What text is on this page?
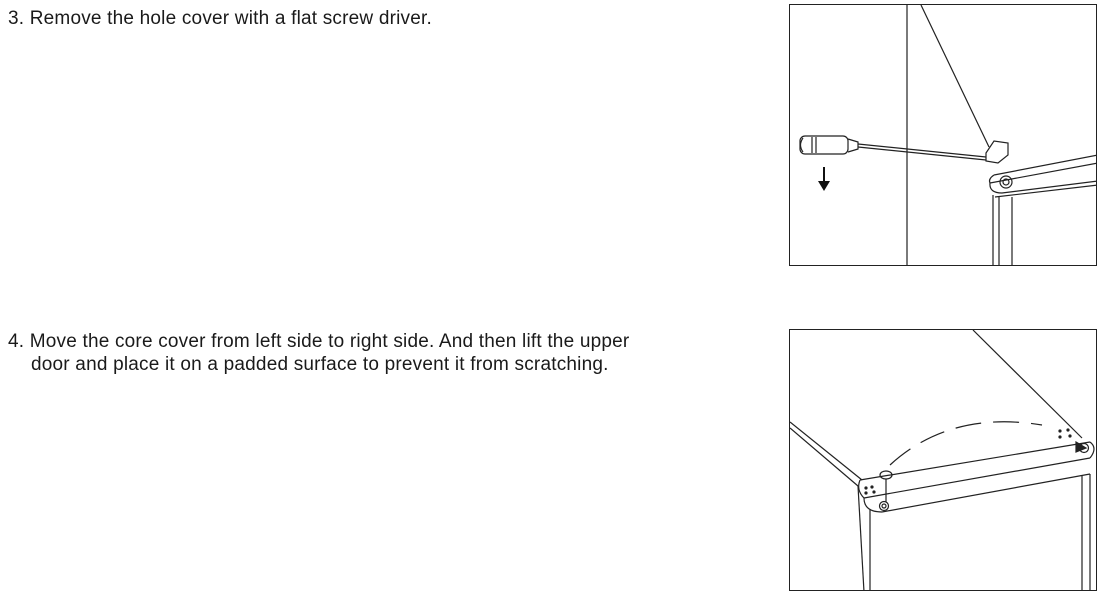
3. Remove the hole cover with a flat screw driver.

4. Move the core cover from left side to right side. And then lift the upper
door and place it on a padded surface to prevent it from scratching.
